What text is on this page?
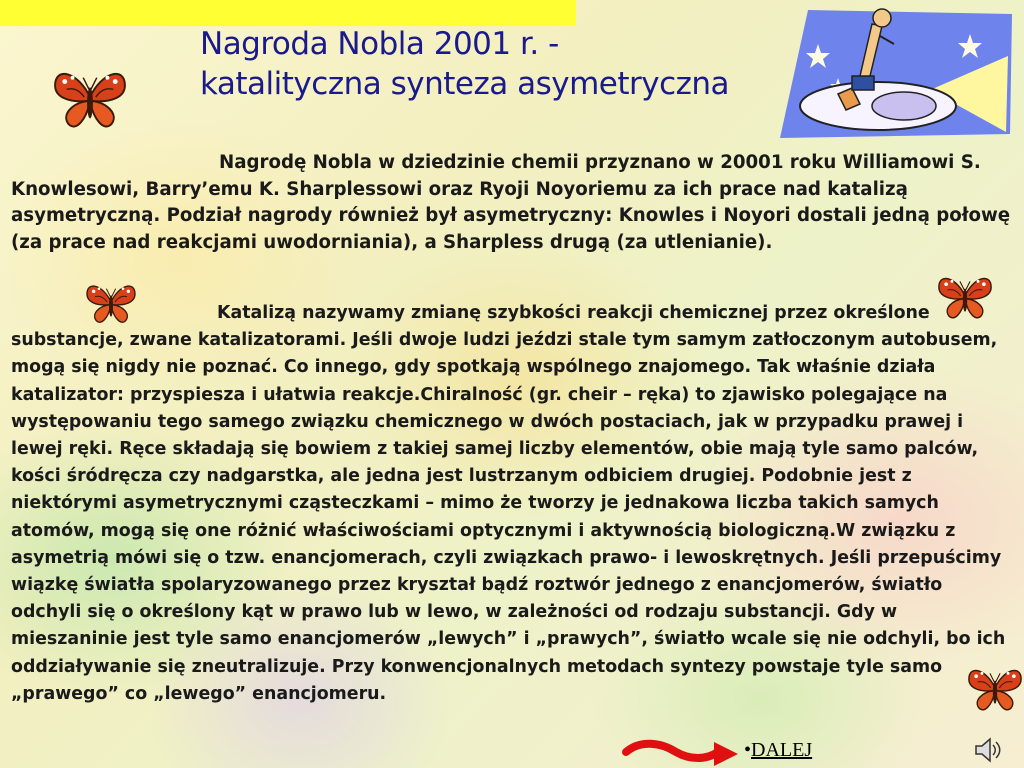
Nagroda Nobla 2001 r. -
katalityczna synteza asymetryczna

Nagrodę Nobla w dziedzinie chemii przyznano w 20001 roku Williamowi S. Knowlesowi, Barry’emu K. Sharplessowi oraz Ryoji Noyoriemu za ich prace nad katalizą asymetryczną. Podział nagrody również był asymetryczny: Knowles i Noyori dostali jedną połowę (za prace nad reakcjami uwodorniania), a Sharpless drugą (za utlenianie).

Katalizą nazywamy zmianę szybkości reakcji chemicznej przez określone substancje, zwane katalizatorami. Jeśli dwoje ludzi jeździ stale tym samym zatłoczonym autobusem, mogą się nigdy nie poznać. Co innego, gdy spotkają wspólnego znajomego. Tak właśnie działa katalizator: przyspiesza i ułatwia reakcje.Chiralność (gr. cheir – ręka) to zjawisko polegające na występowaniu tego samego związku chemicznego w dwóch postaciach, jak w przypadku prawej i lewej ręki. Ręce składają się bowiem z takiej samej liczby elementów, obie mają tyle samo palców, kości śródręcza czy nadgarstka, ale jedna jest lustrzanym odbiciem drugiej. Podobnie jest z niektórymi asymetrycznymi cząsteczkami – mimo że tworzy je jednakowa liczba takich samych atomów, mogą się one różnić właściwościami optycznymi i aktywnością biologiczną.W związku z asymetrią mówi się o tzw. enancjomerach, czyli związkach prawo- i lewoskrętnych. Jeśli przepuścimy wiązkę światła spolaryzowanego przez kryształ bądź roztwór jednego z enancjomerów, światło odchyli się o określony kąt w prawo lub w lewo, w zależności od rodzaju substancji. Gdy w mieszaninie jest tyle samo enancjomerów „lewych” i „prawych”, światło wcale się nie odchyli, bo ich oddziaływanie się zneutralizuje. Przy konwencjonalnych metodach syntezy powstaje tyle samo „prawego” co „lewego” enancjomeru.

•DALEJ
